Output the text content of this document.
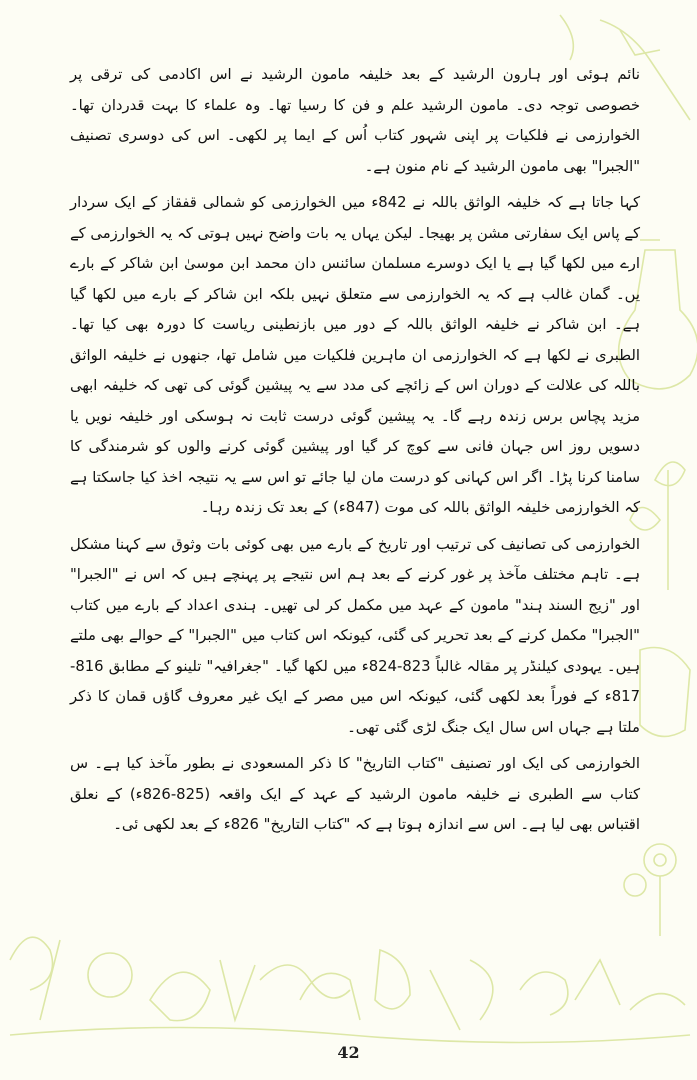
نائم ہوئی اور ہارون الرشید کے بعد خلیفہ مامون الرشید نے اس اکادمی کی ترقی پر خصوصی توجہ دی۔ مامون الرشید علم و فن کا رسیا تھا۔ وہ علماء کا بہت قدردان تھا۔ الخوارزمی نے فلکیات پر اپنی شہور کتاب اُس کے ایما پر لکھی۔ اس کی دوسری تصنیف "الجبرا" بھی مامون الرشید کے نام منون ہے۔

کہا جاتا ہے کہ خلیفہ الواثق باللہ نے 842ء میں الخوارزمی کو شمالی قفقاز کے ایک سردار کے پاس ایک سفارتی مشن پر بھیجا۔ لیکن یہاں یہ بات واضح نہیں ہوتی کہ یہ الخوارزمی کے ارے میں لکھا گیا ہے یا ایک دوسرے مسلمان سائنس دان محمد ابن موسیٰ ابن شاکر کے بارے یں۔ گمان غالب ہے کہ یہ الخوارزمی سے متعلق نہیں بلکہ ابن شاکر کے بارے میں لکھا گیا ہے۔ ابن شاکر نے خلیفہ الواثق باللہ کے دور میں بازنطینی ریاست کا دورہ بھی کیا تھا۔ الطبری نے لکھا ہے کہ الخوارزمی ان ماہرین فلکیات میں شامل تھا، جنھوں نے خلیفہ الواثق باللہ کی علالت کے دوران اس کے زائچے کی مدد سے یہ پیشین گوئی کی تھی کہ خلیفہ ابھی مزید پچاس برس زندہ رہے گا۔ یہ پیشین گوئی درست ثابت نہ ہوسکی اور خلیفہ نویں یا دسویں روز اس جہان فانی سے کوچ کر گیا اور پیشین گوئی کرنے والوں کو شرمندگی کا سامنا کرنا پڑا۔ اگر اس کہانی کو درست مان لیا جائے تو اس سے یہ نتیجہ اخذ کیا جاسکتا ہے کہ الخوارزمی خلیفہ الواثق باللہ کی موت (847ء) کے بعد تک زندہ رہا۔

الخوارزمی کی تصانیف کی ترتیب اور تاریخ کے بارے میں بھی کوئی بات وثوق سے کہنا مشکل ہے۔ تاہم مختلف مآخذ پر غور کرنے کے بعد ہم اس نتیجے پر پہنچے ہیں کہ اس نے "الجبرا" اور "زیج السند ہند" مامون کے عہد میں مکمل کر لی تھیں۔ ہندی اعداد کے بارے میں کتاب "الجبرا" مکمل کرنے کے بعد تحریر کی گئی، کیونکہ اس کتاب میں "الجبرا" کے حوالے بھی ملتے ہیں۔ یہودی کیلنڈر پر مقالہ غالباً 823-824ء میں لکھا گیا۔ "جغرافیہ" تلینو کے مطابق 816-817ء کے فوراً بعد لکھی گئی، کیونکہ اس میں مصر کے ایک غیر معروف گاؤں قمان کا ذکر ملتا ہے جہاں اس سال ایک جنگ لڑی گئی تھی۔

الخوارزمی کی ایک اور تصنیف "کتاب التاریخ" کا ذکر المسعودی نے بطور مآخذ کیا ہے۔ س کتاب سے الطبری نے خلیفہ مامون الرشید کے عہد کے ایک واقعہ (825-826ء) کے نعلق اقتباس بھی لیا ہے۔ اس سے اندازہ ہوتا ہے کہ "کتاب التاریخ" 826ء کے بعد لکھی ئی۔

42
